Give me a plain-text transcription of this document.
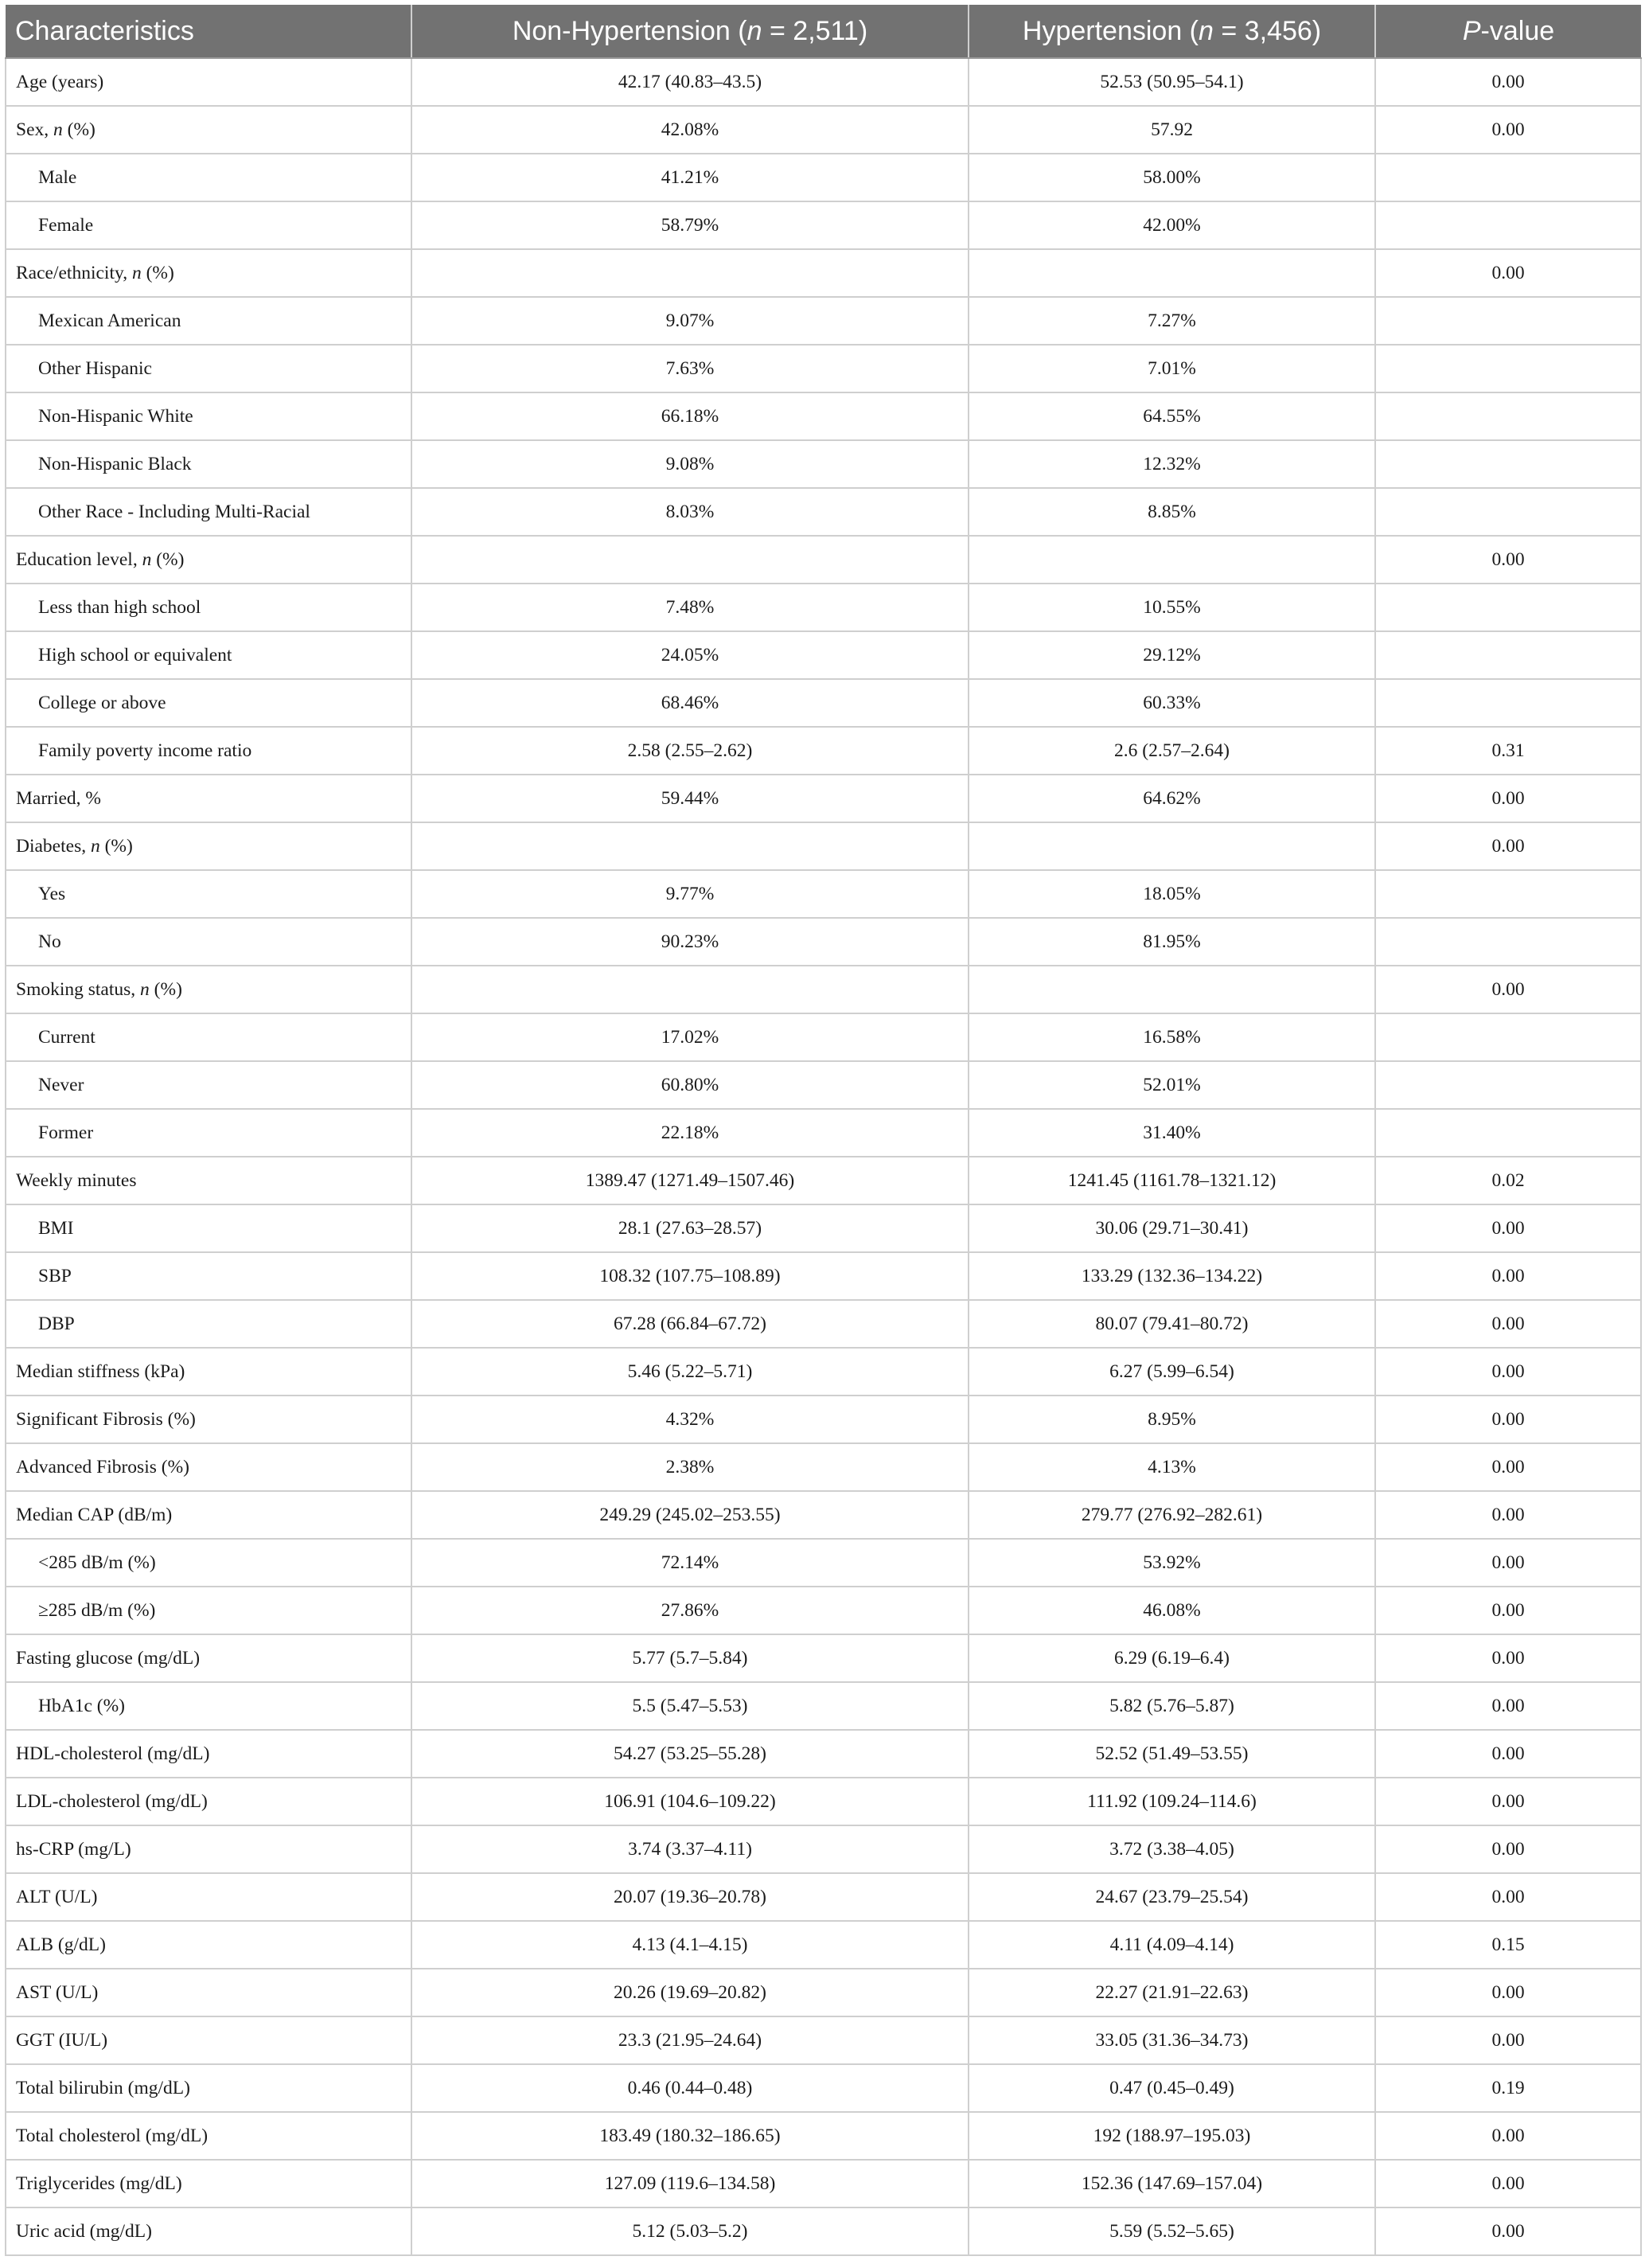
Characteristics	Non-Hypertension (n = 2,511)	Hypertension (n = 3,456)	P-value
Age (years)	42.17 (40.83–43.5)	52.53 (50.95–54.1)	0.00
Sex, n (%)	42.08%	57.92	0.00
Male	41.21%	58.00%	
Female	58.79%	42.00%	
Race/ethnicity, n (%)			0.00
Mexican American	9.07%	7.27%	
Other Hispanic	7.63%	7.01%	
Non-Hispanic White	66.18%	64.55%	
Non-Hispanic Black	9.08%	12.32%	
Other Race - Including Multi-Racial	8.03%	8.85%	
Education level, n (%)			0.00
Less than high school	7.48%	10.55%	
High school or equivalent	24.05%	29.12%	
College or above	68.46%	60.33%	
Family poverty income ratio	2.58 (2.55–2.62)	2.6 (2.57–2.64)	0.31
Married, %	59.44%	64.62%	0.00
Diabetes, n (%)			0.00
Yes	9.77%	18.05%	
No	90.23%	81.95%	
Smoking status, n (%)			0.00
Current	17.02%	16.58%	
Never	60.80%	52.01%	
Former	22.18%	31.40%	
Weekly minutes	1389.47 (1271.49–1507.46)	1241.45 (1161.78–1321.12)	0.02
BMI	28.1 (27.63–28.57)	30.06 (29.71–30.41)	0.00
SBP	108.32 (107.75–108.89)	133.29 (132.36–134.22)	0.00
DBP	67.28 (66.84–67.72)	80.07 (79.41–80.72)	0.00
Median stiffness (kPa)	5.46 (5.22–5.71)	6.27 (5.99–6.54)	0.00
Significant Fibrosis (%)	4.32%	8.95%	0.00
Advanced Fibrosis (%)	2.38%	4.13%	0.00
Median CAP (dB/m)	249.29 (245.02–253.55)	279.77 (276.92–282.61)	0.00
<285 dB/m (%)	72.14%	53.92%	0.00
≥285 dB/m (%)	27.86%	46.08%	0.00
Fasting glucose (mg/dL)	5.77 (5.7–5.84)	6.29 (6.19–6.4)	0.00
HbA1c (%)	5.5 (5.47–5.53)	5.82 (5.76–5.87)	0.00
HDL-cholesterol (mg/dL)	54.27 (53.25–55.28)	52.52 (51.49–53.55)	0.00
LDL-cholesterol (mg/dL)	106.91 (104.6–109.22)	111.92 (109.24–114.6)	0.00
hs-CRP (mg/L)	3.74 (3.37–4.11)	3.72 (3.38–4.05)	0.00
ALT (U/L)	20.07 (19.36–20.78)	24.67 (23.79–25.54)	0.00
ALB (g/dL)	4.13 (4.1–4.15)	4.11 (4.09–4.14)	0.15
AST (U/L)	20.26 (19.69–20.82)	22.27 (21.91–22.63)	0.00
GGT (IU/L)	23.3 (21.95–24.64)	33.05 (31.36–34.73)	0.00
Total bilirubin (mg/dL)	0.46 (0.44–0.48)	0.47 (0.45–0.49)	0.19
Total cholesterol (mg/dL)	183.49 (180.32–186.65)	192 (188.97–195.03)	0.00
Triglycerides (mg/dL)	127.09 (119.6–134.58)	152.36 (147.69–157.04)	0.00
Uric acid (mg/dL)	5.12 (5.03–5.2)	5.59 (5.52–5.65)	0.00
